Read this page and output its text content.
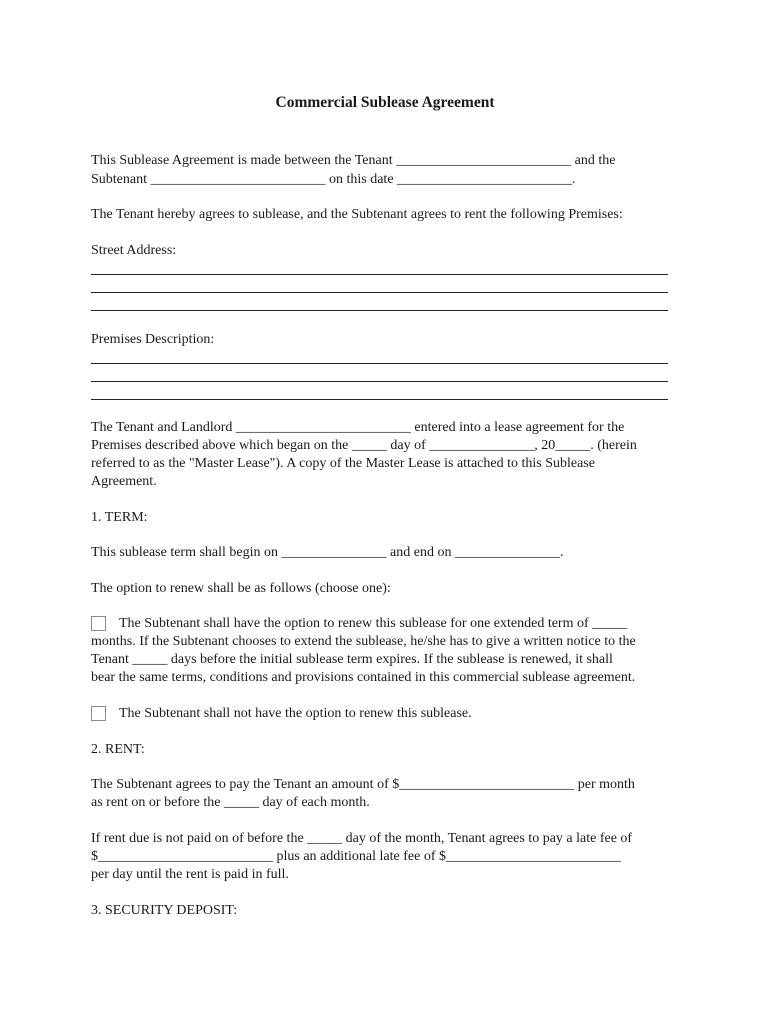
Commercial Sublease Agreement

This Sublease Agreement is made between the Tenant _________________________ and the

Subtenant _________________________ on this date _________________________.

The Tenant hereby agrees to sublease, and the Subtenant agrees to rent the following Premises:

Street Address:

Premises Description:

The Tenant and Landlord _________________________ entered into a lease agreement for the

Premises described above which began on the _____ day of _______________, 20_____. (herein

referred to as the "Master Lease"). A copy of the Master Lease is attached to this Sublease

Agreement.

1. TERM:

This sublease term shall begin on _______________ and end on _______________.

The option to renew shall be as follows (choose one):

The Subtenant shall have the option to renew this sublease for one extended term of _____

months. If the Subtenant chooses to extend the sublease, he/she has to give a written notice to the

Tenant _____ days before the initial sublease term expires. If the sublease is renewed, it shall

bear the same terms, conditions and provisions contained in this commercial sublease agreement.

The Subtenant shall not have the option to renew this sublease.

2. RENT:

The Subtenant agrees to pay the Tenant an amount of $_________________________ per month

as rent on or before the _____ day of each month.

If rent due is not paid on of before the _____ day of the month, Tenant agrees to pay a late fee of

$_________________________ plus an additional late fee of $_________________________

per day until the rent is paid in full.

3. SECURITY DEPOSIT:
